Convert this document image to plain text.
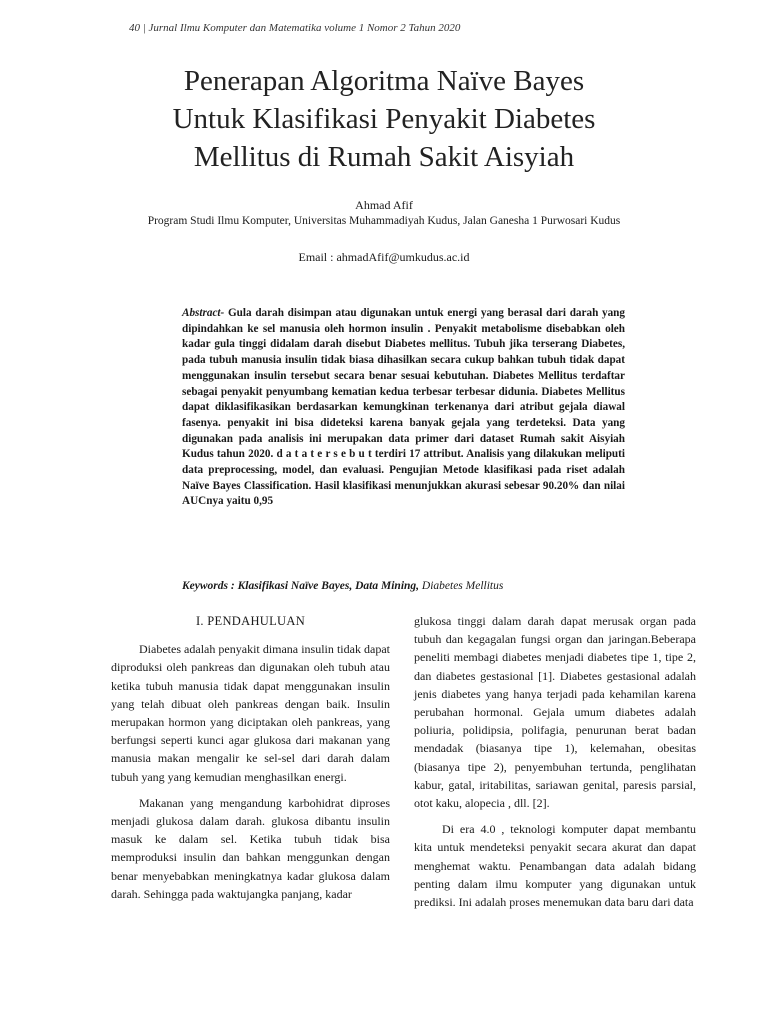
40 | Jurnal Ilmu Komputer dan Matematika volume 1 Nomor 2 Tahun 2020
Penerapan Algoritma Naïve Bayes
Untuk Klasifikasi Penyakit Diabetes
Mellitus di Rumah Sakit Aisyiah
Ahmad Afif
Program Studi Ilmu Komputer, Universitas Muhammadiyah Kudus, Jalan Ganesha 1 Purwosari Kudus
Email : ahmadAfif@umkudus.ac.id

Abstract- Gula darah disimpan atau digunakan untuk energi yang berasal dari darah yang dipindahkan ke sel manusia oleh hormon insulin . Penyakit metabolisme disebabkan oleh kadar gula tinggi didalam darah disebut Diabetes mellitus. Tubuh jika terserang Diabetes, pada tubuh manusia insulin tidak biasa dihasilkan secara cukup bahkan tubuh tidak dapat menggunakan insulin tersebut secara benar sesuai kebutuhan. Diabetes Mellitus terdaftar sebagai penyakit penyumbang kematian kedua terbesar terbesar didunia. Diabetes Mellitus dapat diklasifikasikan berdasarkan kemungkinan terkenanya dari atribut gejala diawal fasenya. penyakit ini bisa dideteksi karena banyak gejala yang terdeteksi. Data yang digunakan pada analisis ini merupakan data primer dari dataset Rumah sakit Aisyiah Kudus tahun 2020. d a t a t e r s e b u t terdiri 17 attribut. Analisis yang dilakukan meliputi data preprocessing, model, dan evaluasi. Pengujian Metode klasifikasi pada riset adalah Naïve Bayes Classification. Hasil klasifikasi menunjukkan akurasi sebesar 90.20% dan nilai AUCnya yaitu 0,95

Keywords : Klasifikasi Naïve Bayes, Data Mining, Diabetes Mellitus
I. PENDAHULUAN

Diabetes adalah penyakit dimana insulin tidak dapat diproduksi oleh pankreas dan digunakan oleh tubuh atau ketika tubuh manusia tidak dapat menggunakan insulin yang telah dibuat oleh pankreas dengan baik. Insulin merupakan hormon yang diciptakan oleh pankreas, yang berfungsi seperti kunci agar glukosa dari makanan yang manusia makan mengalir ke sel-sel dari darah dalam tubuh yang yang kemudian menghasilkan energi.

Makanan yang mengandung karbohidrat diproses menjadi glukosa dalam darah. glukosa dibantu insulin masuk ke dalam sel. Ketika tubuh tidak bisa memproduksi insulin dan bahkan menggunkan dengan benar menyebabkan meningkatnya kadar glukosa dalam darah. Sehingga pada waktujangka panjang, kadar

glukosa tinggi dalam darah dapat merusak organ pada tubuh dan kegagalan fungsi organ dan jaringan.Beberapa peneliti membagi diabetes menjadi diabetes tipe 1, tipe 2, dan diabetes gestasional [1]. Diabetes gestasional adalah jenis diabetes yang hanya terjadi pada kehamilan karena perubahan hormonal. Gejala umum diabetes adalah poliuria, polidipsia, polifagia, penurunan berat badan mendadak (biasanya tipe 1), kelemahan, obesitas (biasanya tipe 2), penyembuhan tertunda, penglihatan kabur, gatal, iritabilitas, sariawan genital, paresis parsial, otot kaku, alopecia , dll. [2].

Di era 4.0 , teknologi komputer dapat membantu kita untuk mendeteksi penyakit secara akurat dan dapat menghemat waktu. Penambangan data adalah bidang penting dalam ilmu komputer yang digunakan untuk prediksi. Ini adalah proses menemukan data baru dari data
